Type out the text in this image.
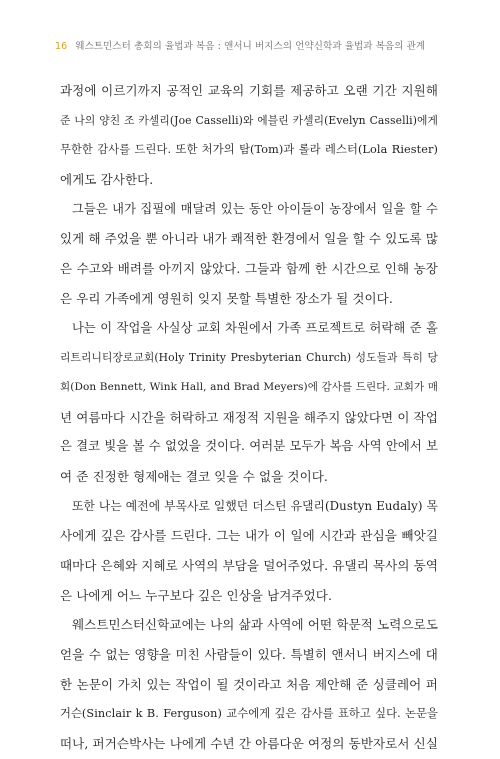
16 웨스트민스터 총회의 율법과 복음 : 앤서니 버지스의 언약신학과 율법과 복음의 관계
과정에 이르기까지 공적인 교육의 기회를 제공하고 오랜 기간 지원해
준 나의 양친 조 카셀리(Joe Casselli)와 에블린 카셀리(Evelyn Casselli)에게
무한한 감사를 드린다. 또한 처가의 탐(Tom)과 롤라 레스터(Lola Riester)
에게도 감사한다.
그들은 내가 집필에 매달려 있는 동안 아이들이 농장에서 일을 할 수
있게 해 주었을 뿐 아니라 내가 쾌적한 환경에서 일을 할 수 있도록 많
은 수고와 배려를 아끼지 않았다. 그들과 함께 한 시간으로 인해 농장
은 우리 가족에게 영원히 잊지 못할 특별한 장소가 될 것이다.
나는 이 작업을 사실상 교회 차원에서 가족 프로젝트로 허락해 준 홀
리트리니티장로교회(Holy Trinity Presbyterian Church) 성도들과 특히 당
회(Don Bennett, Wink Hall, and Brad Meyers)에 감사를 드린다. 교회가 매
년 여름마다 시간을 허락하고 재정적 지원을 해주지 않았다면 이 작업
은 결코 빛을 볼 수 없었을 것이다. 여러분 모두가 복음 사역 안에서 보
여 준 진정한 형제애는 결코 잊을 수 없을 것이다.
또한 나는 예전에 부목사로 일했던 더스틴 유댈리(Dustyn Eudaly) 목
사에게 깊은 감사를 드린다. 그는 내가 이 일에 시간과 관심을 빼앗길
때마다 은혜와 지혜로 사역의 부담을 덜어주었다. 유댈리 목사의 동역
은 나에게 어느 누구보다 깊은 인상을 남겨주었다.
웨스트민스터신학교에는 나의 삶과 사역에 어떤 학문적 노력으로도
얻을 수 없는 영향을 미친 사람들이 있다. 특별히 앤서니 버지스에 대
한 논문이 가치 있는 작업이 될 것이라고 처음 제안해 준 싱클레어 퍼
거슨(Sinclair k B. Ferguson) 교수에게 깊은 감사를 표하고 싶다. 논문을
떠나, 퍼거슨박사는 나에게 수년 간 아름다운 여정의 동반자로서 신실
